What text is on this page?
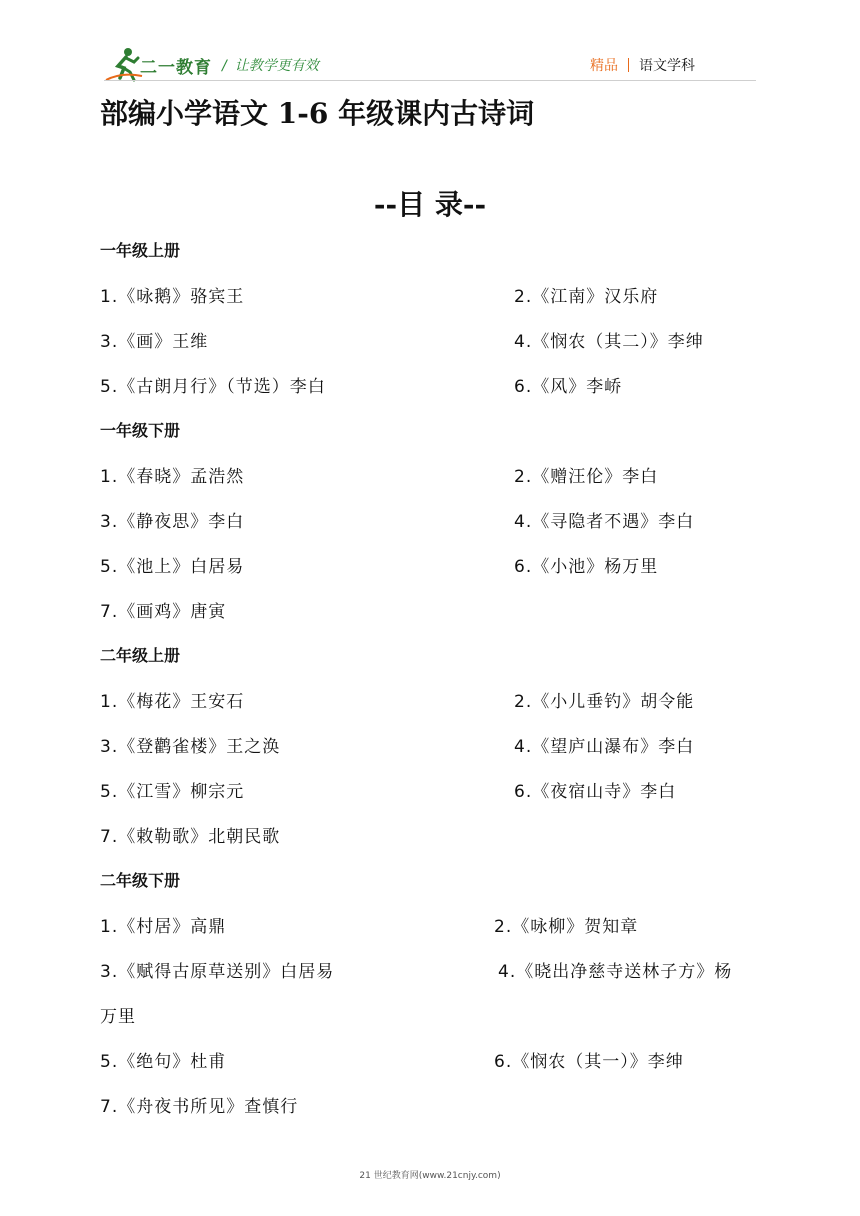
二一教育 / 让教学更有效	精品 语文学科
部编小学语文 1-6 年级课内古诗词
--目 录--
一年级上册
1.《咏鹅》骆宾王	2.《江南》汉乐府
3.《画》王维	4.《悯农（其二）》李绅
5.《古朗月行》（节选）李白	6.《风》李峤
一年级下册
1.《春晓》孟浩然	2.《赠汪伦》李白
3.《静夜思》李白	4.《寻隐者不遇》李白
5.《池上》白居易	6.《小池》杨万里
7.《画鸡》唐寅
二年级上册
1.《梅花》王安石	2.《小儿垂钓》胡令能
3.《登鹳雀楼》王之涣	4.《望庐山瀑布》李白
5.《江雪》柳宗元	6.《夜宿山寺》李白
7.《敕勒歌》北朝民歌
二年级下册
1.《村居》高鼎	2.《咏柳》贺知章
3.《赋得古原草送别》白居易	4.《晓出净慈寺送林子方》杨
万里
5.《绝句》杜甫	6.《悯农（其一）》李绅
7.《舟夜书所见》查慎行
21 世纪教育网(www.21cnjy.com)
